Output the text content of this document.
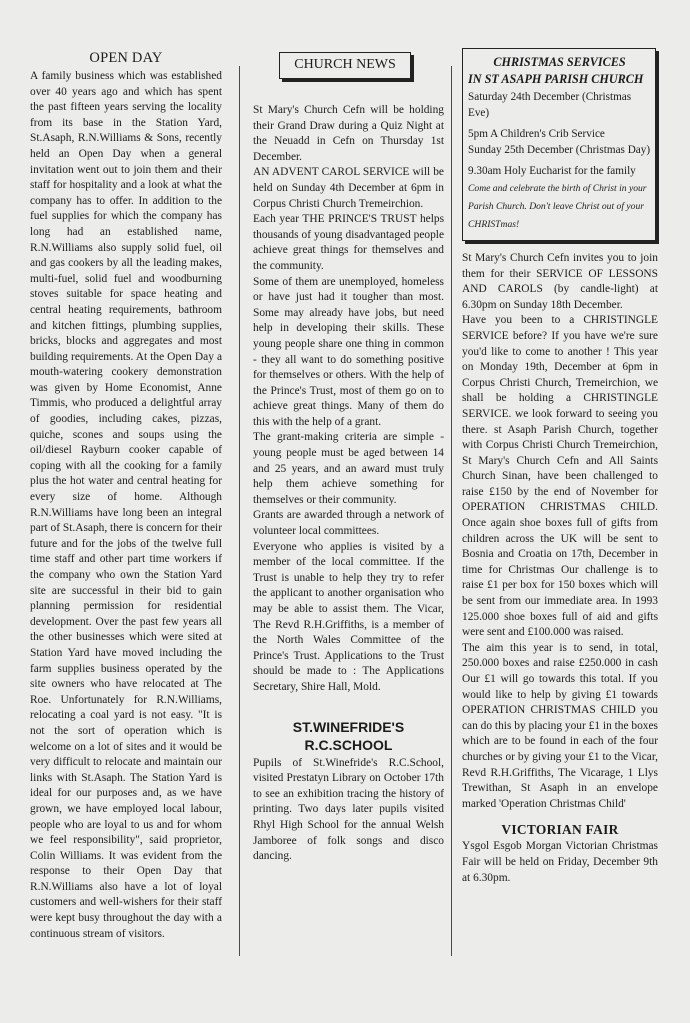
OPEN DAY

A family business which was established over 40 years ago and which has spent the past fifteen years serving the locality from its base in the Station Yard, St.Asaph, R.N.Williams & Sons, recently held an Open Day when a general invitation went out to join them and their staff for hospitality and a look at what the company has to offer. In addition to the fuel supplies for which the company has long had an established name, R.N.Williams also supply solid fuel, oil and gas cookers by all the leading makes, multi-fuel, solid fuel and woodburning stoves suitable for space heating and central heating requirements, bathroom and kitchen fittings, plumbing supplies, bricks, blocks and aggregates and most building requirements. At the Open Day a mouth-watering cookery demonstration was given by Home Economist, Anne Timmis, who produced a delightful array of goodies, including cakes, pizzas, quiche, scones and soups using the oil/diesel Rayburn cooker capable of coping with all the cooking for a family plus the hot water and central heating for every size of home. Although R.N.Williams have long been an integral part of St.Asaph, there is concern for their future and for the jobs of the twelve full time staff and other part time workers if the company who own the Station Yard site are successful in their bid to gain planning permission for residential development. Over the past few years all the other businesses which were sited at Station Yard have moved including the farm supplies business operated by the site owners who have relocated at The Roe. Unfortunately for R.N.Williams, relocating a coal yard is not easy. "It is not the sort of operation which is welcome on a lot of sites and it would be very difficult to relocate and maintain our links with St.Asaph. The Station Yard is ideal for our purposes and, as we have grown, we have employed local labour, people who are loyal to us and for whom we feel responsibility", said proprietor, Colin Williams. It was evident from the response to their Open Day that R.N.Williams also have a lot of loyal customers and well-wishers for their staff were kept busy throughout the day with a continuous stream of visitors.

CHURCH NEWS

St Mary's Church Cefn will be holding their Grand Draw during a Quiz Night at the Neuadd in Cefn on Thursday 1st December.

AN ADVENT CAROL SERVICE will be held on Sunday 4th December at 6pm in Corpus Christi Church Tremeirchion.

Each year THE PRINCE'S TRUST helps thousands of young disadvantaged people achieve great things for themselves and the community.

Some of them are unemployed, homeless or have just had it tougher than most. Some may already have jobs, but need help in developing their skills. These young people share one thing in common - they all want to do something positive for themselves or others. With the help of the Prince's Trust, most of them go on to achieve great things. Many of them do this with the help of a grant.

The grant-making criteria are simple - young people must be aged between 14 and 25 years, and an award must truly help them achieve something for themselves or their community.

Grants are awarded through a network of volunteer local committees.

Everyone who applies is visited by a member of the local committee. If the Trust is unable to help they try to refer the applicant to another organisation who may be able to assist them. The Vicar, The Revd R.H.Griffiths, is a member of the North Wales Committee of the Prince's Trust. Applications to the Trust should be made to : The Applications Secretary, Shire Hall, Mold.

ST.WINEFRIDE'S
R.C.SCHOOL

Pupils of St.Winefride's R.C.School, visited Prestatyn Library on October 17th to see an exhibition tracing the history of printing. Two days later pupils visited Rhyl High School for the annual Welsh Jamboree of folk songs and disco dancing.

CHRISTMAS SERVICES
IN ST ASAPH PARISH CHURCH

Saturday 24th December (Christmas Eve)

5pm A Children's Crib Service

Sunday 25th December (Christmas Day)

9.30am Holy Eucharist for the family

Come and celebrate the birth of Christ in your Parish Church. Don't leave Christ out of your CHRISTmas!

St Mary's Church Cefn invites you to join them for their SERVICE OF LESSONS AND CAROLS (by candle-light) at 6.30pm on Sunday 18th December.

Have you been to a CHRISTINGLE SERVICE before? If you have we're sure you'd like to come to another ! This year on Monday 19th, December at 6pm in Corpus Christi Church, Tremeirchion, we shall be holding a CHRISTINGLE SERVICE. we look forward to seeing you there. st Asaph Parish Church, together with Corpus Christi Church Tremeirchion, St Mary's Church Cefn and All Saints Church Sinan, have been challenged to raise £150 by the end of November for OPERATION CHRISTMAS CHILD. Once again shoe boxes full of gifts from children across the UK will be sent to Bosnia and Croatia on 17th, December in time for Christmas Our challenge is to raise £1 per box for 150 boxes which will be sent from our immediate area. In 1993 125.000 shoe boxes full of aid and gifts were sent and £100.000 was raised.

The aim this year is to send, in total, 250.000 boxes and raise £250.000 in cash Our £1 will go towards this total. If you would like to help by giving £1 towards OPERATION CHRISTMAS CHILD you can do this by placing your £1 in the boxes which are to be found in each of the four churches or by giving your £1 to the Vicar, Revd R.H.Griffiths, The Vicarage, 1 Llys Trewithan, St Asaph in an envelope marked 'Operation Christmas Child'

VICTORIAN FAIR

Ysgol Esgob Morgan Victorian Christmas Fair will be held on Friday, December 9th at 6.30pm.
